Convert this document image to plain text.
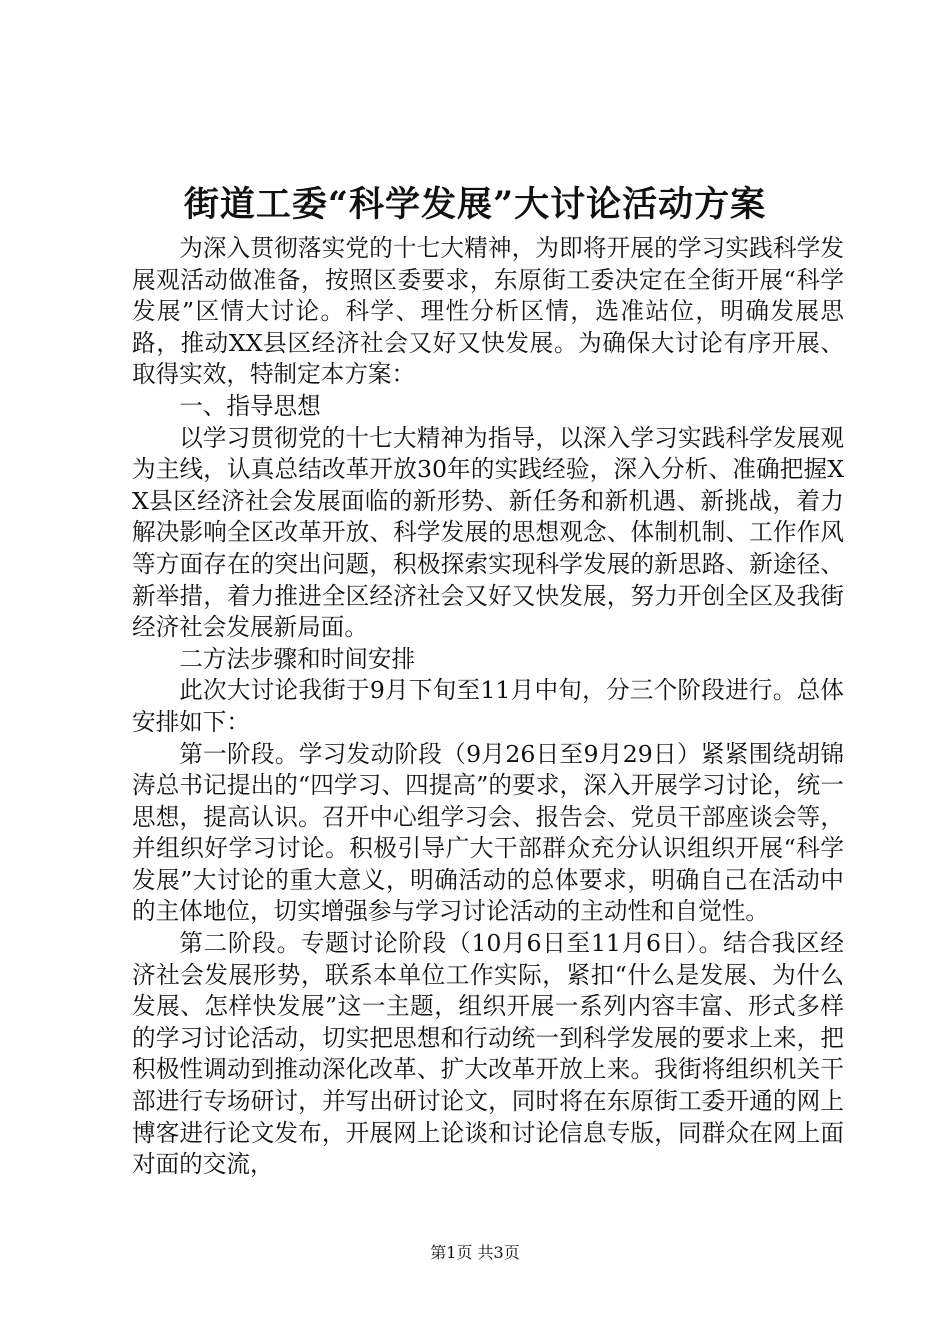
街道工委“科学发展”大讨论活动方案

为深入贯彻落实党的十七大精神，为即将开展的学习实践科学发展观活动做准备，按照区委要求，东原街工委决定在全街开展“科学发展”区情大讨论。科学、理性分析区情，选准站位，明确发展思路，推动XX县区经济社会又好又快发展。为确保大讨论有序开展、取得实效，特制定本方案：

一、指导思想

以学习贯彻党的十七大精神为指导，以深入学习实践科学发展观为主线，认真总结改革开放30年的实践经验，深入分析、准确把握XX县区经济社会发展面临的新形势、新任务和新机遇、新挑战，着力解决影响全区改革开放、科学发展的思想观念、体制机制、工作作风等方面存在的突出问题，积极探索实现科学发展的新思路、新途径、新举措，着力推进全区经济社会又好又快发展，努力开创全区及我街经济社会发展新局面。

二方法步骤和时间安排

此次大讨论我街于9月下旬至11月中旬，分三个阶段进行。总体安排如下：

第一阶段。学习发动阶段（9月26日至9月29日）紧紧围绕胡锦涛总书记提出的“四学习、四提高”的要求，深入开展学习讨论，统一思想，提高认识。召开中心组学习会、报告会、党员干部座谈会等，并组织好学习讨论。积极引导广大干部群众充分认识组织开展“科学发展”大讨论的重大意义，明确活动的总体要求，明确自己在活动中的主体地位，切实增强参与学习讨论活动的主动性和自觉性。

第二阶段。专题讨论阶段（10月6日至11月6日）。结合我区经济社会发展形势，联系本单位工作实际，紧扣“什么是发展、为什么发展、怎样快发展”这一主题，组织开展一系列内容丰富、形式多样的学习讨论活动，切实把思想和行动统一到科学发展的要求上来，把积极性调动到推动深化改革、扩大改革开放上来。我街将组织机关干部进行专场研讨，并写出研讨论文，同时将在东原街工委开通的网上博客进行论文发布，开展网上论谈和讨论信息专版，同群众在网上面对面的交流，

第1页 共3页
